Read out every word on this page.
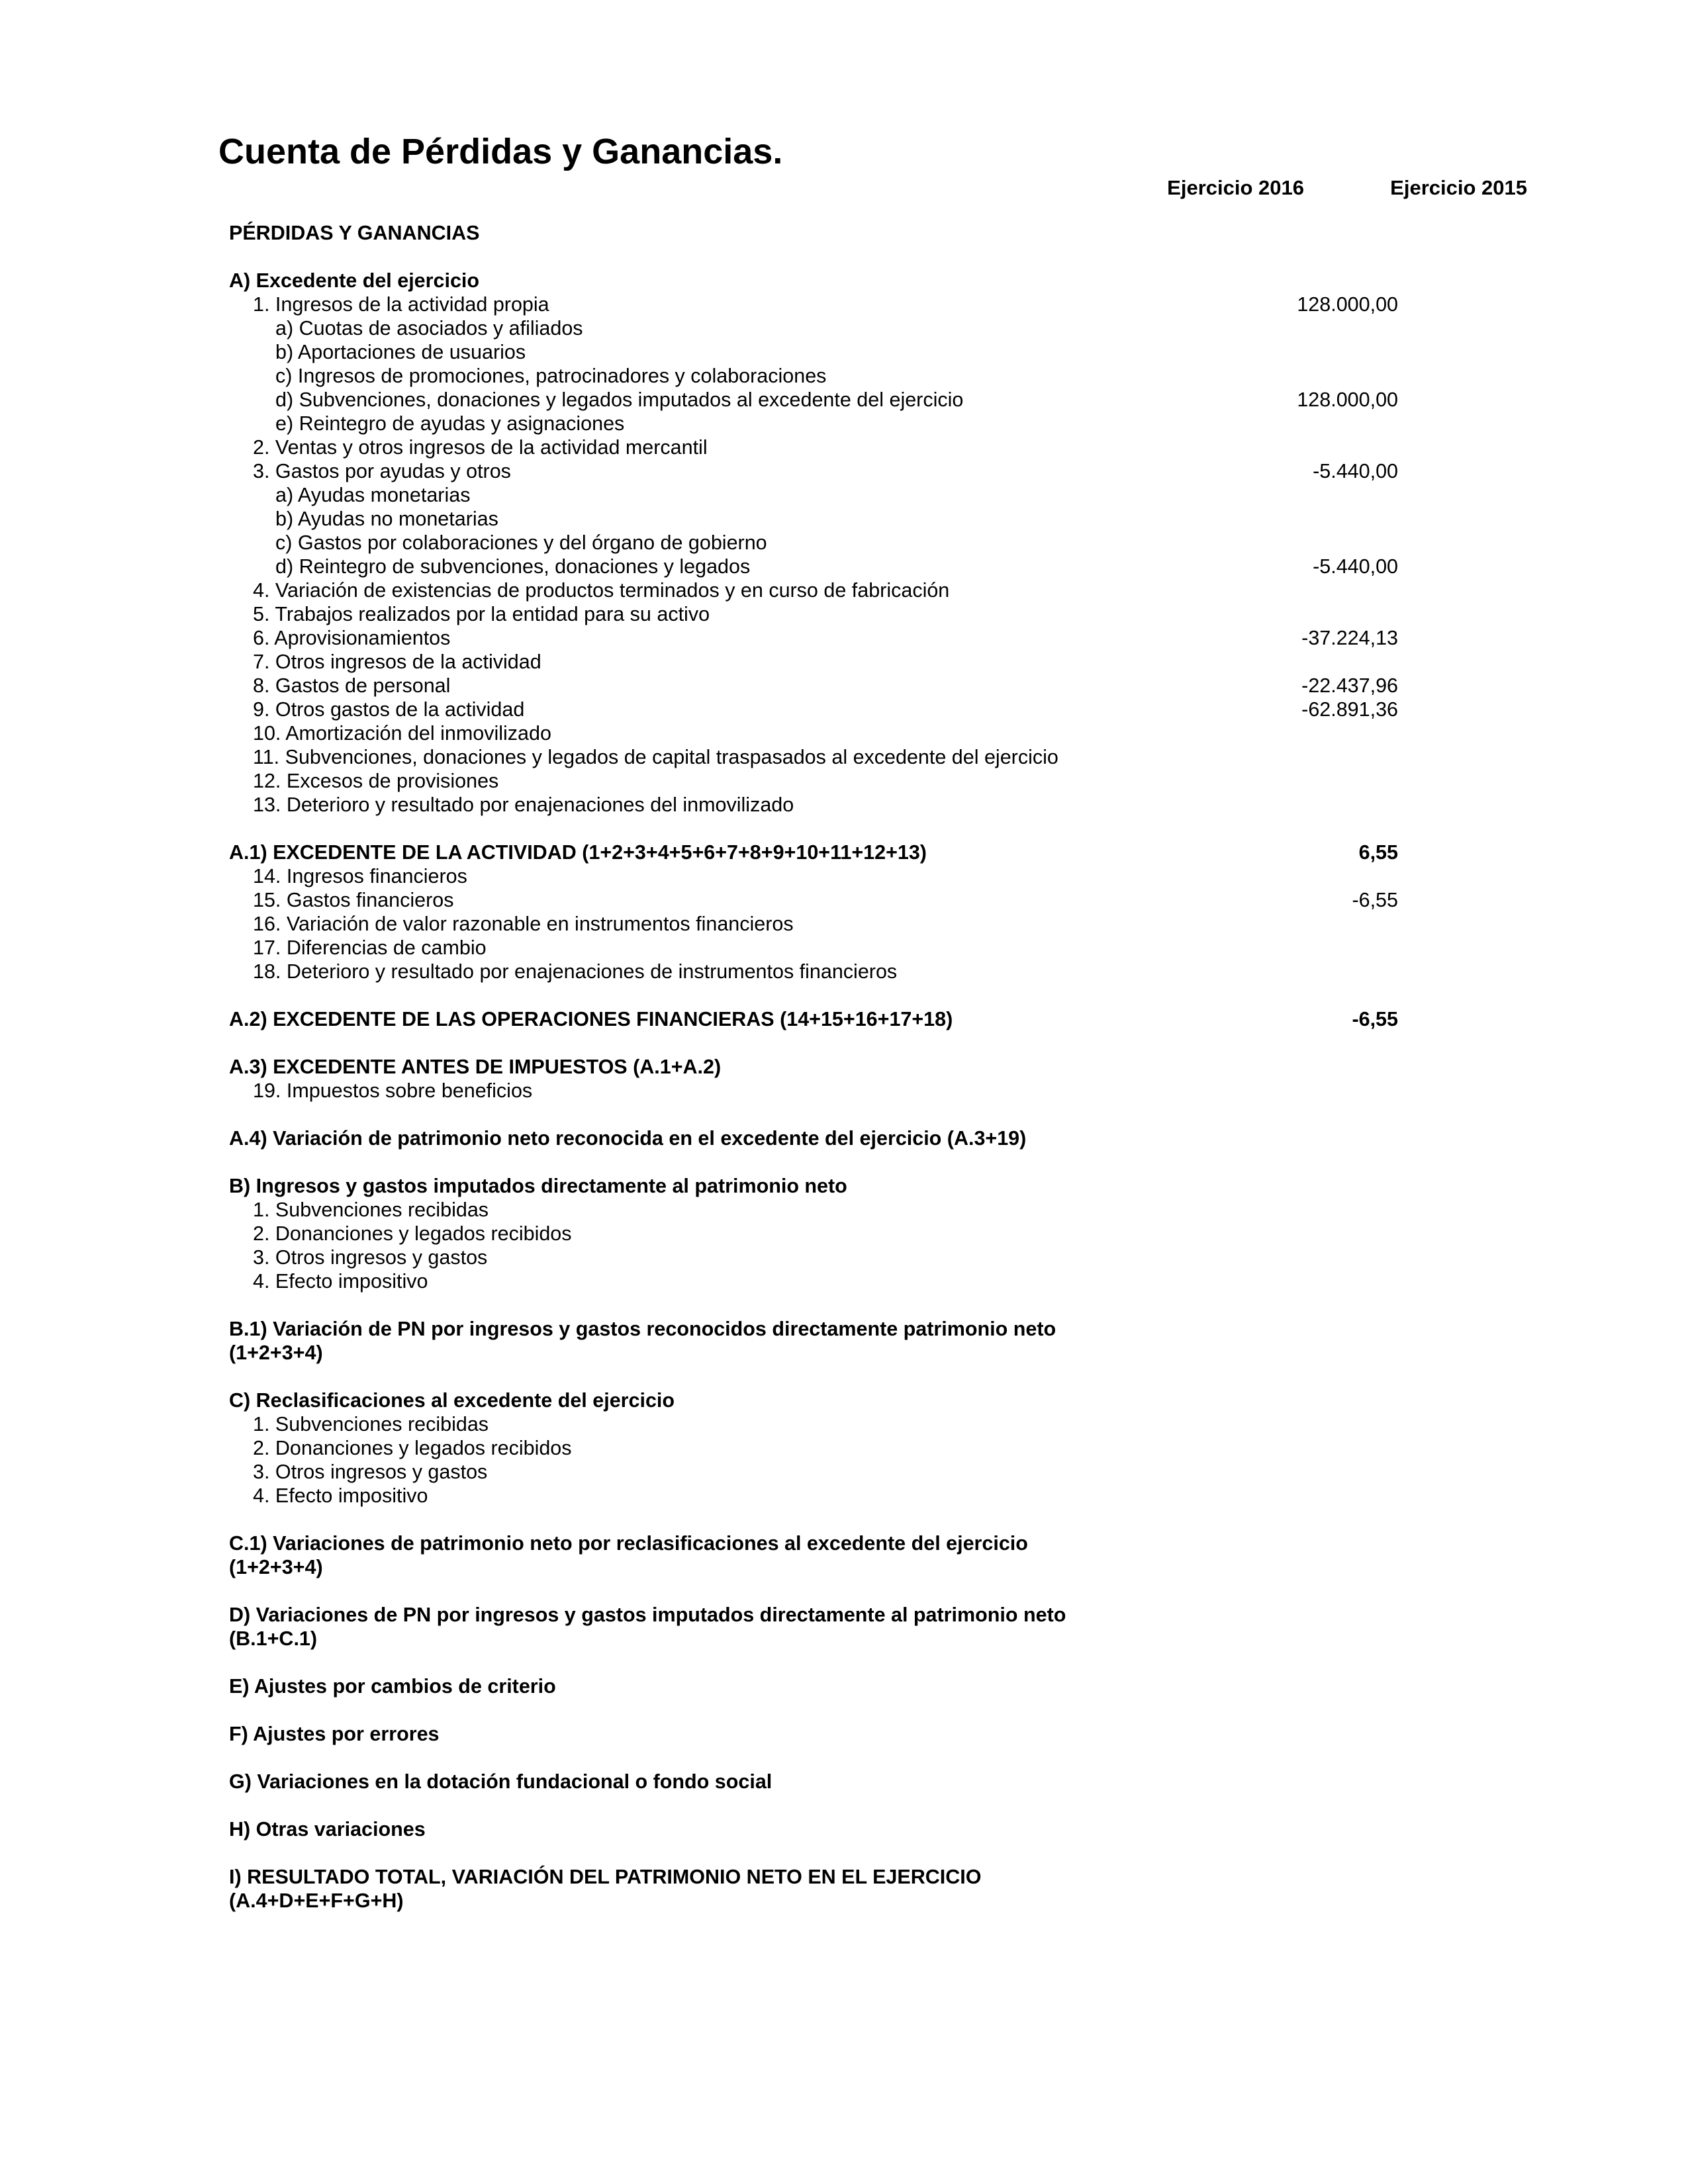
Cuenta de Pérdidas y Ganancias.
Ejercicio 2016	Ejercicio 2015
PÉRDIDAS Y GANANCIAS
A) Excedente del ejercicio
1. Ingresos de la actividad propia	128.000,00
a) Cuotas de asociados y afiliados
b) Aportaciones de usuarios
c) Ingresos de promociones, patrocinadores y colaboraciones
d) Subvenciones, donaciones y legados imputados al excedente del ejercicio	128.000,00
e) Reintegro de ayudas y asignaciones
2. Ventas y otros ingresos de la actividad mercantil
3. Gastos por ayudas y otros	-5.440,00
a) Ayudas monetarias
b) Ayudas no monetarias
c) Gastos por colaboraciones y del órgano de gobierno
d) Reintegro de subvenciones, donaciones y legados	-5.440,00
4. Variación de existencias de productos terminados y en curso de fabricación
5. Trabajos realizados por la entidad para su activo
6. Aprovisionamientos	-37.224,13
7. Otros ingresos de la actividad
8. Gastos de personal	-22.437,96
9. Otros gastos de la actividad	-62.891,36
10. Amortización del inmovilizado
11. Subvenciones, donaciones y legados de capital traspasados al excedente del ejercicio
12. Excesos de provisiones
13. Deterioro y resultado por enajenaciones del inmovilizado
A.1) EXCEDENTE DE LA ACTIVIDAD (1+2+3+4+5+6+7+8+9+10+11+12+13)	6,55
14. Ingresos financieros
15. Gastos financieros	-6,55
16. Variación de valor razonable en instrumentos financieros
17. Diferencias de cambio
18. Deterioro y resultado por enajenaciones de instrumentos financieros
A.2) EXCEDENTE DE LAS OPERACIONES FINANCIERAS (14+15+16+17+18)	-6,55
A.3) EXCEDENTE ANTES DE IMPUESTOS (A.1+A.2)
19. Impuestos sobre beneficios
A.4) Variación de patrimonio neto reconocida en el excedente del ejercicio (A.3+19)
B) Ingresos y gastos imputados directamente al patrimonio neto
1. Subvenciones recibidas
2. Donanciones y legados recibidos
3. Otros ingresos y gastos
4. Efecto impositivo
B.1) Variación de PN por ingresos y gastos reconocidos directamente patrimonio neto
(1+2+3+4)
C) Reclasificaciones al excedente del ejercicio
1. Subvenciones recibidas
2. Donanciones y legados recibidos
3. Otros ingresos y gastos
4. Efecto impositivo
C.1) Variaciones de patrimonio neto por reclasificaciones al excedente del ejercicio
(1+2+3+4)
D) Variaciones de PN por ingresos y gastos imputados directamente al patrimonio neto
(B.1+C.1)
E) Ajustes por cambios de criterio
F) Ajustes por errores
G) Variaciones en la dotación fundacional o fondo social
H) Otras variaciones
I) RESULTADO TOTAL, VARIACIÓN DEL PATRIMONIO NETO EN EL EJERCICIO
(A.4+D+E+F+G+H)
